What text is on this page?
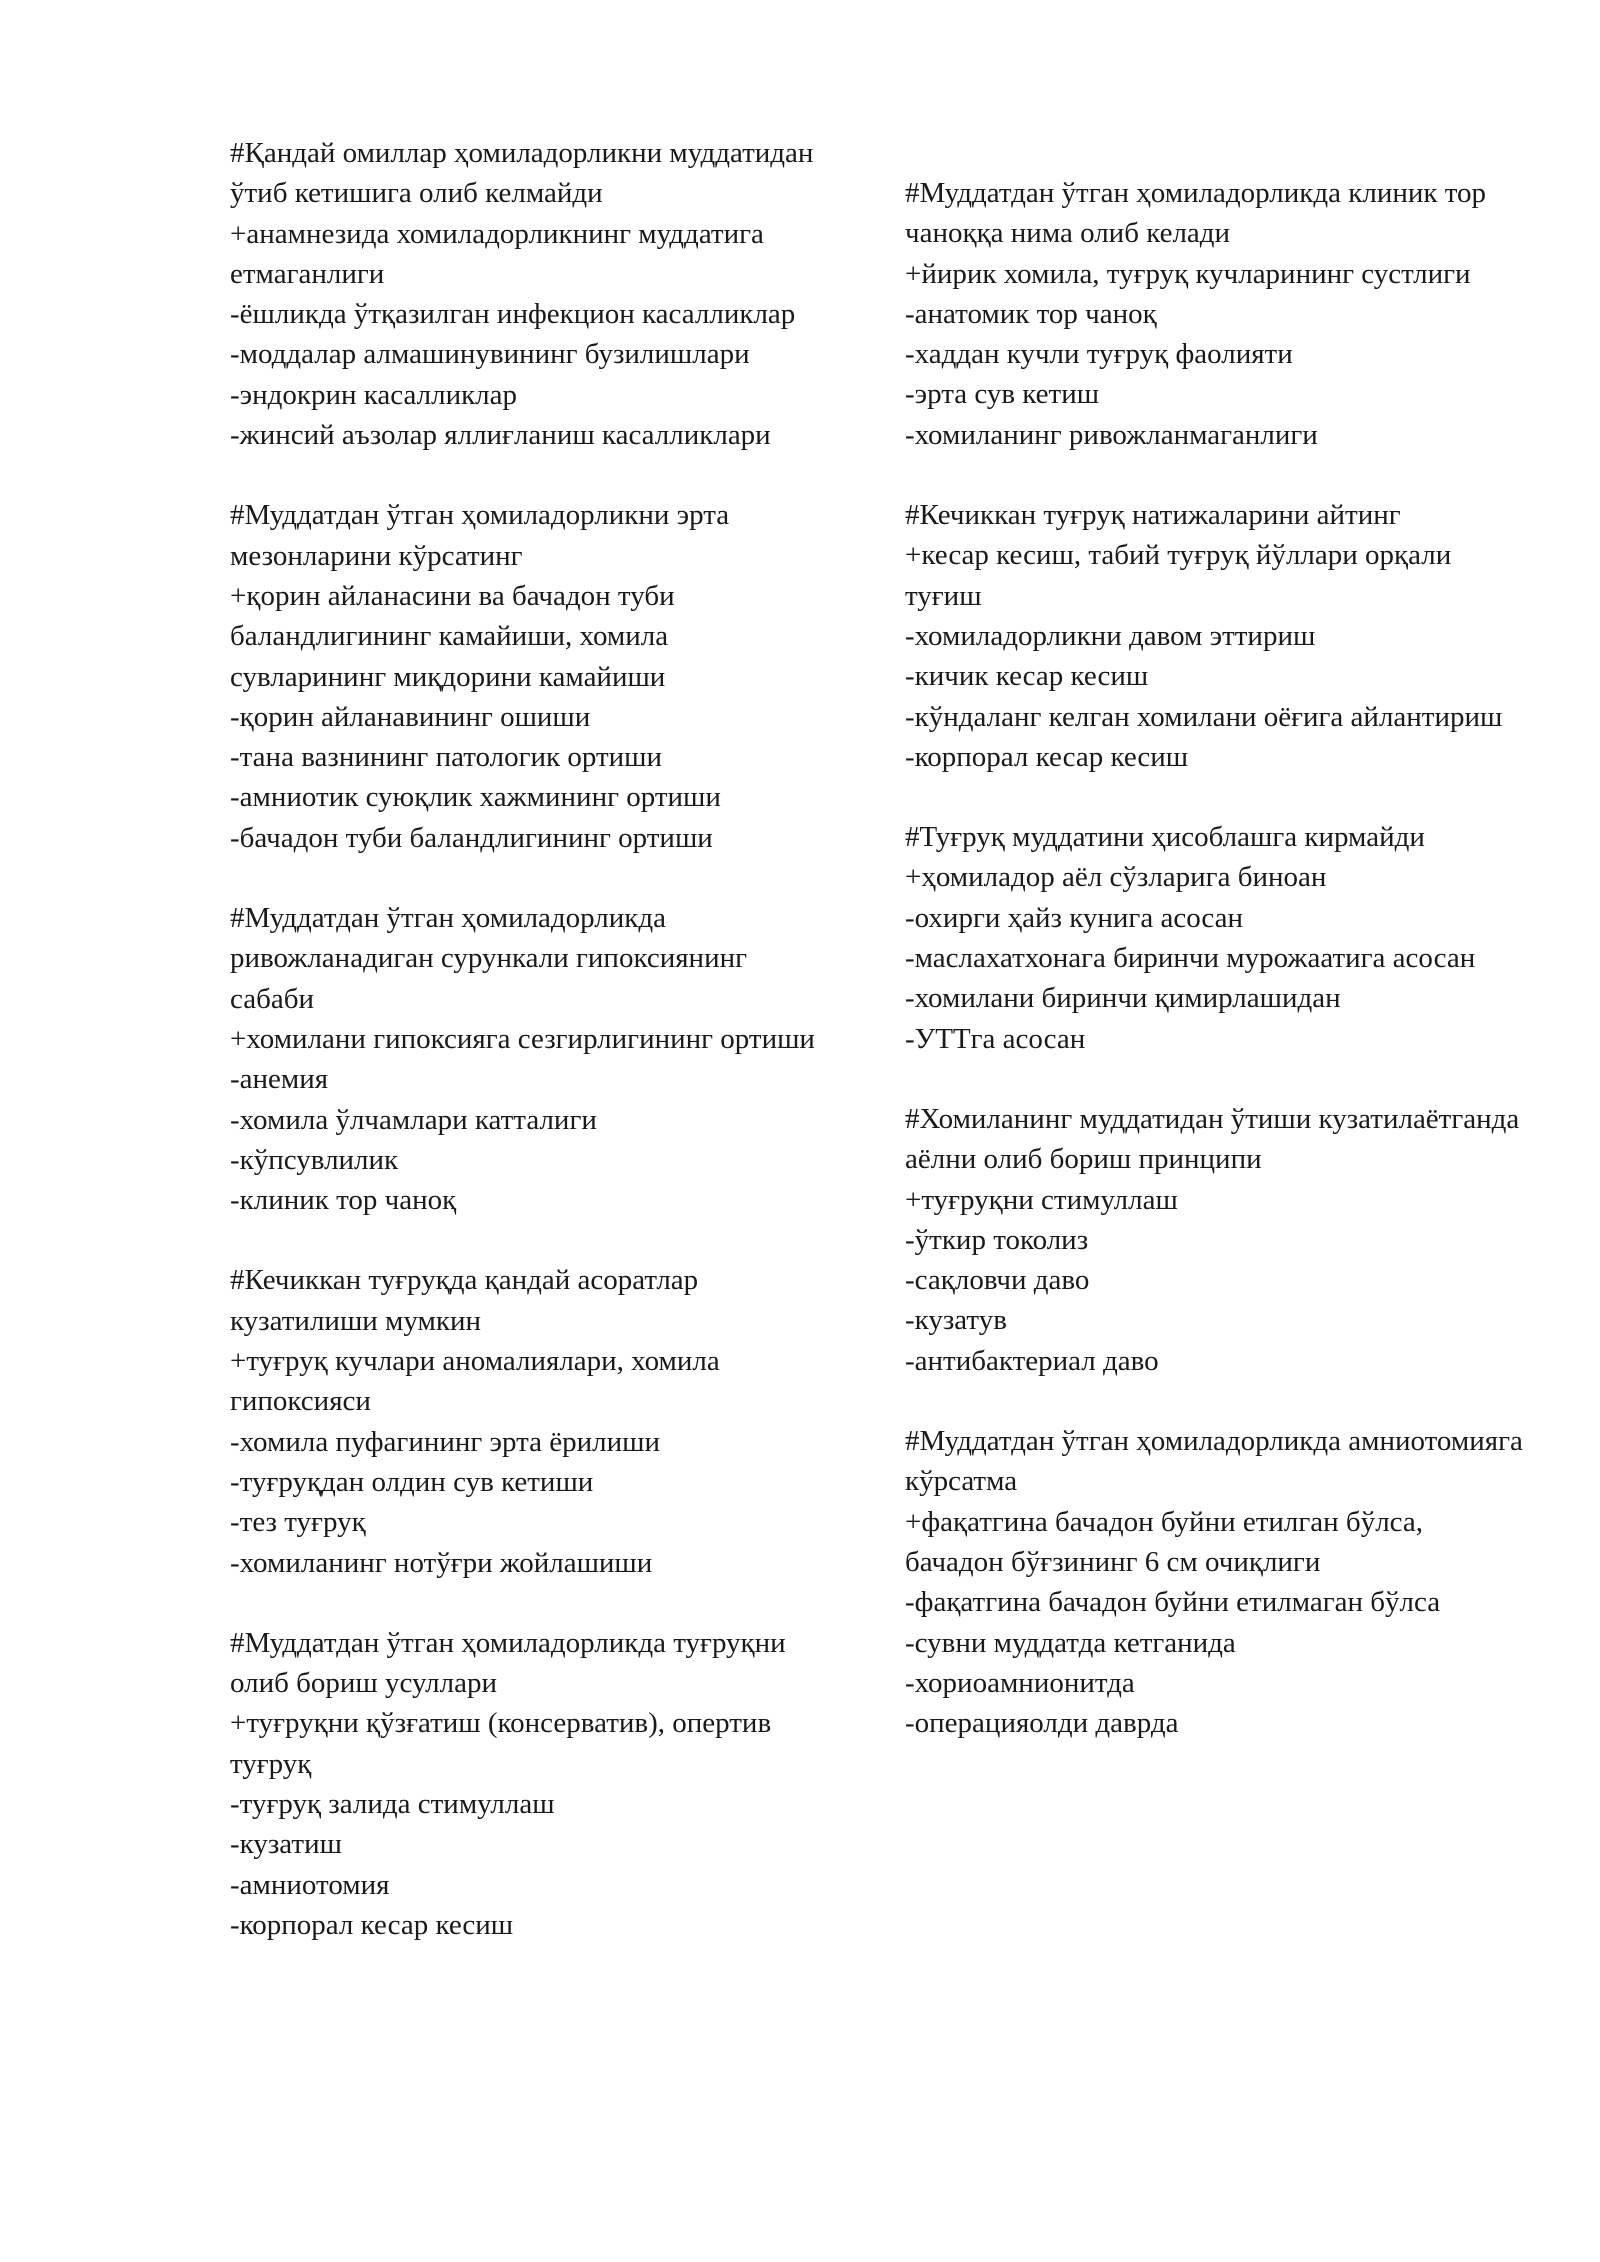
#Қандай омиллар ҳомиладорликни муддатидан ўтиб кетишига олиб келмайди
+анамнезида хомиладорликнинг муддатига етмаганлиги
-ёшликда ўтқазилган инфекцион касалликлар
-моддалар алмашинувининг бузилишлари
-эндокрин касалликлар
-жинсий аъзолар яллиғланиш касалликлари
#Муддатдан ўтган ҳомиладорликни эрта мезонларини кўрсатинг
+қорин айланасини ва бачадон туби баландлигининг камайиши, хомила сувларининг миқдорини камайиши
-қорин айланавининг ошиши
-тана вазнининг патологик ортиши
-амниотик суюқлик хажмининг ортиши
-бачадон туби баландлигининг ортиши
#Муддатдан ўтган ҳомиладорликда ривожланадиган сурункали гипоксиянинг сабаби
+хомилани гипоксияга сезгирлигининг ортиши
-анемия
-хомила ўлчамлари катталиги
-кўпсувлилик
-клиник тор чаноқ
#Кечиккан туғруқда қандай асоратлар кузатилиши мумкин
+туғруқ кучлари аномалиялари, хомила гипоксияси
-хомила пуфагининг эрта ёрилиши
-туғруқдан олдин сув кетиши
-тез туғруқ
-хомиланинг нотўғри жойлашиши
#Муддатдан ўтган ҳомиладорликда туғруқни олиб бориш усуллари
+туғруқни қўзғатиш (консерватив), опертив туғруқ
-туғруқ залида стимуллаш
-кузатиш
-амниотомия
-корпорал кесар кесиш
#Муддатдан ўтган ҳомиладорликда клиник тор чаноққа нима олиб келади
+йирик хомила, туғруқ кучларининг сустлиги
-анатомик тор чаноқ
-хаддан кучли туғруқ фаолияти
-эрта сув кетиш
-хомиланинг ривожланмаганлиги
#Кечиккан туғруқ натижаларини айтинг
+кесар кесиш, табий туғруқ йўллари орқали туғиш
-хомиладорликни давом эттириш
-кичик кесар кесиш
-кўндаланг келган хомилани оёғига айлантириш
-корпорал кесар кесиш
#Туғруқ муддатини ҳисоблашга кирмайди
+ҳомиладор аёл сўзларига биноан
-охирги ҳайз кунига асосан
-маслахатхонага биринчи мурожаатига асосан
-хомилани биринчи қимирлашидан
-УТТга асосан
#Хомиланинг муддатидан ўтиши кузатилаётганда аёлни олиб бориш принципи
+туғруқни стимуллаш
-ўткир токолиз
-сақловчи даво
-кузатув
-антибактериал даво
#Муддатдан ўтган ҳомиладорликда амниотомияга кўрсатма
+фақатгина бачадон буйни етилган бўлса, бачадон бўғзининг 6 см очиқлиги
-фақатгина бачадон буйни етилмаган бўлса
-сувни муддатда кетганида
-хориоамнионитда
-операцияолди даврда
